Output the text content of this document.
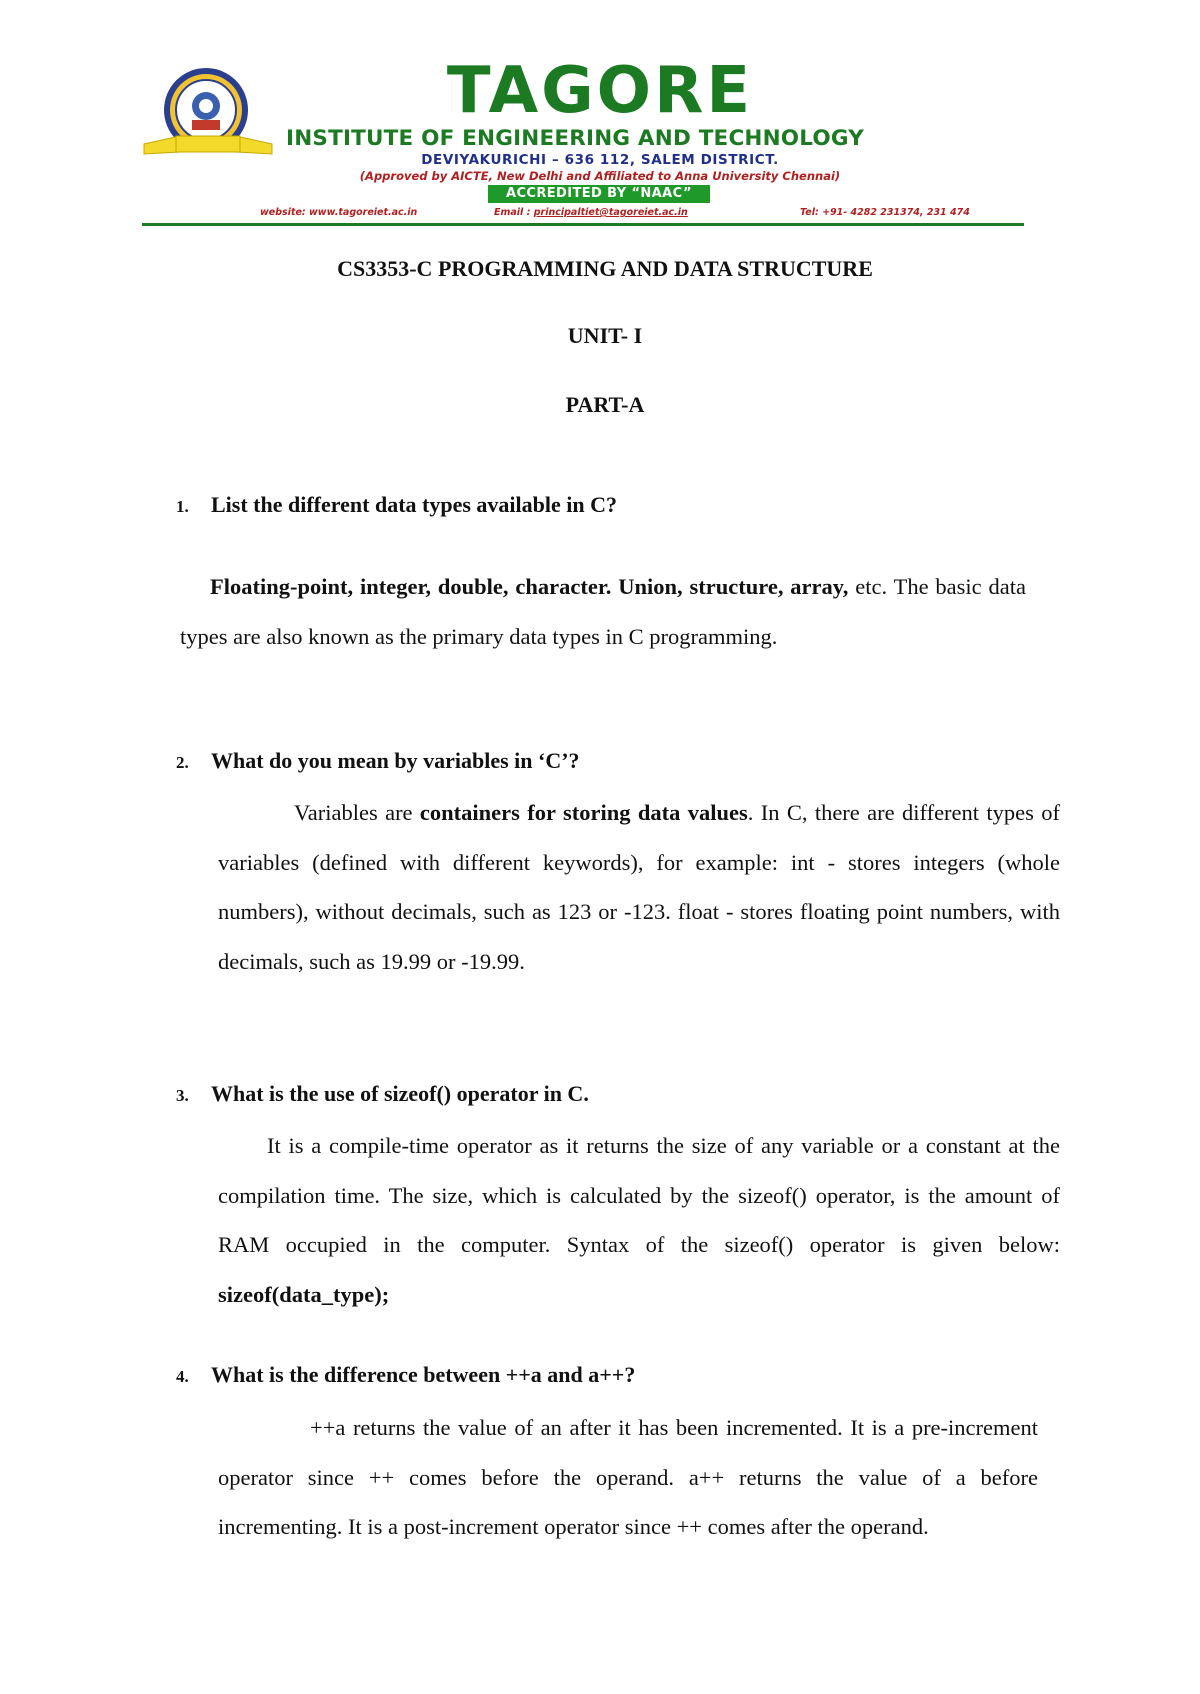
TAGORE
INSTITUTE OF ENGINEERING AND TECHNOLOGY
DEVIYAKURICHI – 636 112, SALEM DISTRICT.
(Approved by AICTE, New Delhi and Affiliated to Anna University Chennai)
ACCREDITED BY “NAAC”
website: www.tagoreiet.ac.in	Email : principaltiet@tagoreiet.ac.in	Tel: +91- 4282 231374, 231 474
CS3353-C PROGRAMMING AND DATA STRUCTURE
UNIT- I
PART-A
1. List the different data types available in C?
Floating-point, integer, double, character. Union, structure, array, etc. The basic data types are also known as the primary data types in C programming.
2. What do you mean by variables in ‘C’?
Variables are containers for storing data values. In C, there are different types of variables (defined with different keywords), for example: int - stores integers (whole numbers), without decimals, such as 123 or -123. float - stores floating point numbers, with decimals, such as 19.99 or -19.99.
3. What is the use of sizeof() operator in C.
It is a compile-time operator as it returns the size of any variable or a constant at the compilation time. The size, which is calculated by the sizeof() operator, is the amount of RAM occupied in the computer. Syntax of the sizeof() operator is given below: sizeof(data_type);
4. What is the difference between ++a and a++?
++a returns the value of an after it has been incremented. It is a pre-increment operator since ++ comes before the operand. a++ returns the value of a before incrementing. It is a post-increment operator since ++ comes after the operand.
